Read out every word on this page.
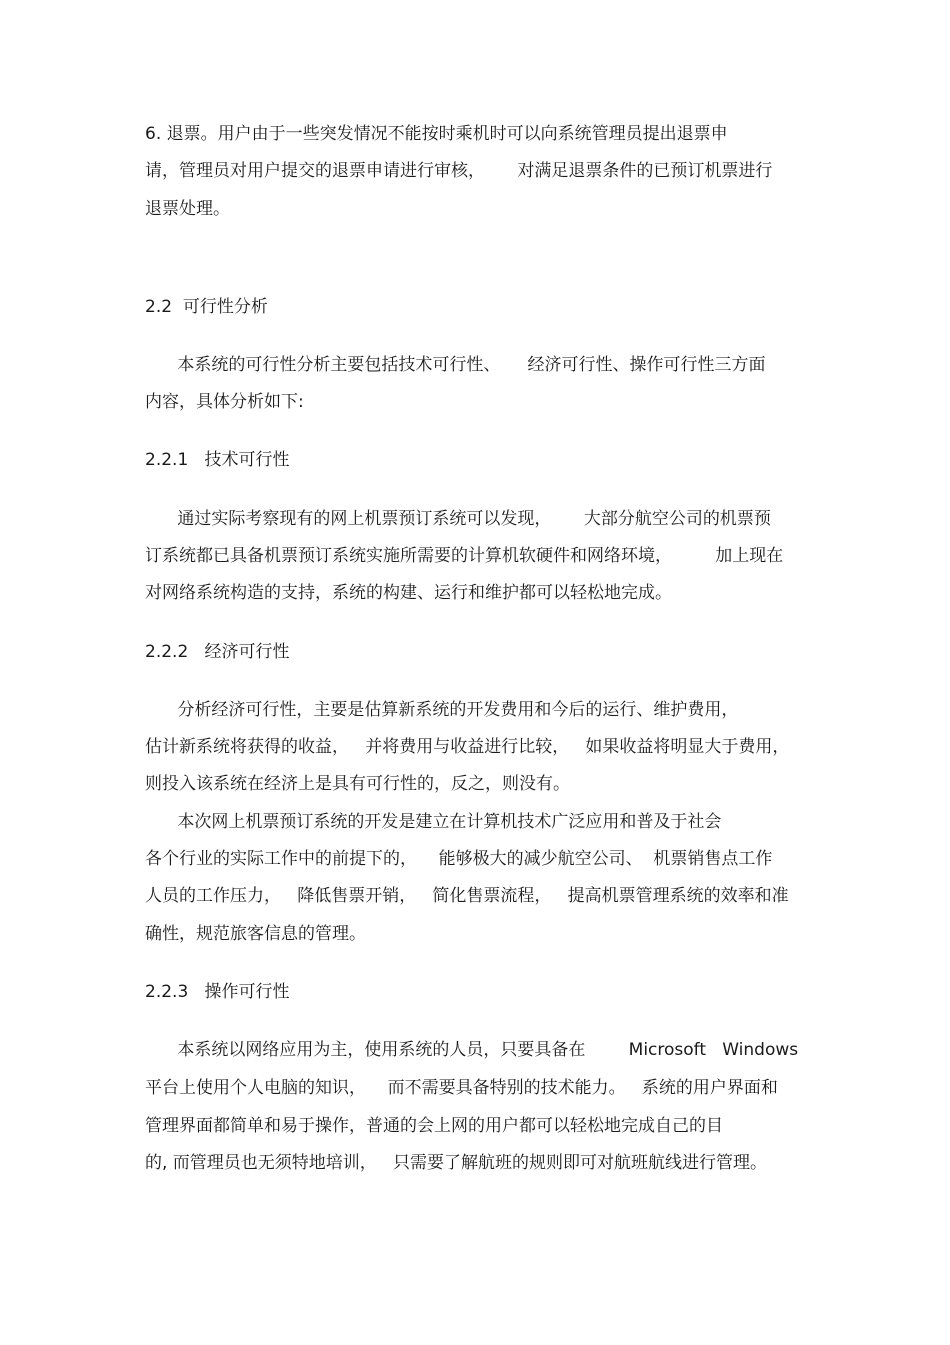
6. 退票。用户由于一些突发情况不能按时乘机时可以向系统管理员提出退票申

请，管理员对用户提交的退票申请进行审核，      对满足退票条件的已预订机票进行

退票处理。

2.2  可行性分析

本系统的可行性分析主要包括技术可行性、     经济可行性、操作可行性三方面

内容，具体分析如下:

2.2.1   技术可行性

通过实际考察现有的网上机票预订系统可以发现，      大部分航空公司的机票预

订系统都已具备机票预订系统实施所需要的计算机软硬件和网络环境，        加上现在

对网络系统构造的支持，系统的构建、运行和维护都可以轻松地完成。

2.2.2   经济可行性

分析经济可行性，主要是估算新系统的开发费用和今后的运行、维护费用，

估计新系统将获得的收益，   并将费用与收益进行比较，   如果收益将明显大于费用，

则投入该系统在经济上是具有可行性的，反之，则没有。

本次网上机票预订系统的开发是建立在计算机技术广泛应用和普及于社会

各个行业的实际工作中的前提下的，    能够极大的减少航空公司、  机票销售点工作

人员的工作压力，   降低售票开销，   简化售票流程，   提高机票管理系统的效率和准

确性，规范旅客信息的管理。

2.2.3   操作可行性

本系统以网络应用为主，使用系统的人员，只要具备在        Microsoft   Windows

平台上使用个人电脑的知识，    而不需要具备特别的技术能力。   系统的用户界面和

管理界面都简单和易于操作，普通的会上网的用户都可以轻松地完成自己的目

的, 而管理员也无须特地培训，   只需要了解航班的规则即可对航班航线进行管理。
